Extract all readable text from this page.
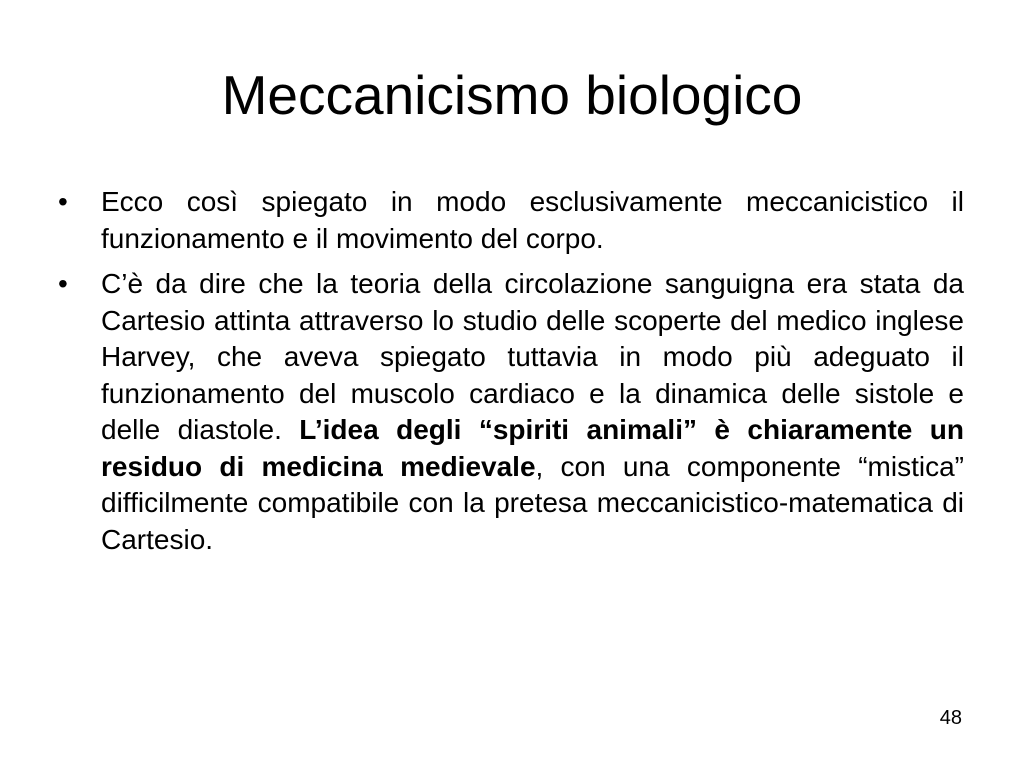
Meccanicismo biologico
•	Ecco così spiegato in modo esclusivamente meccanicistico il funzionamento e il movimento del corpo.
•	C’è da dire che la teoria della circolazione sanguigna era stata da Cartesio attinta attraverso lo studio delle scoperte del medico inglese Harvey, che aveva spiegato tuttavia in modo più adeguato il funzionamento del muscolo cardiaco e la dinamica delle sistole e delle diastole. L’idea degli “spiriti animali” è chiaramente un residuo di medicina medievale, con una componente “mistica” difficilmente compatibile con la pretesa meccanicistico-matematica di Cartesio.
48
